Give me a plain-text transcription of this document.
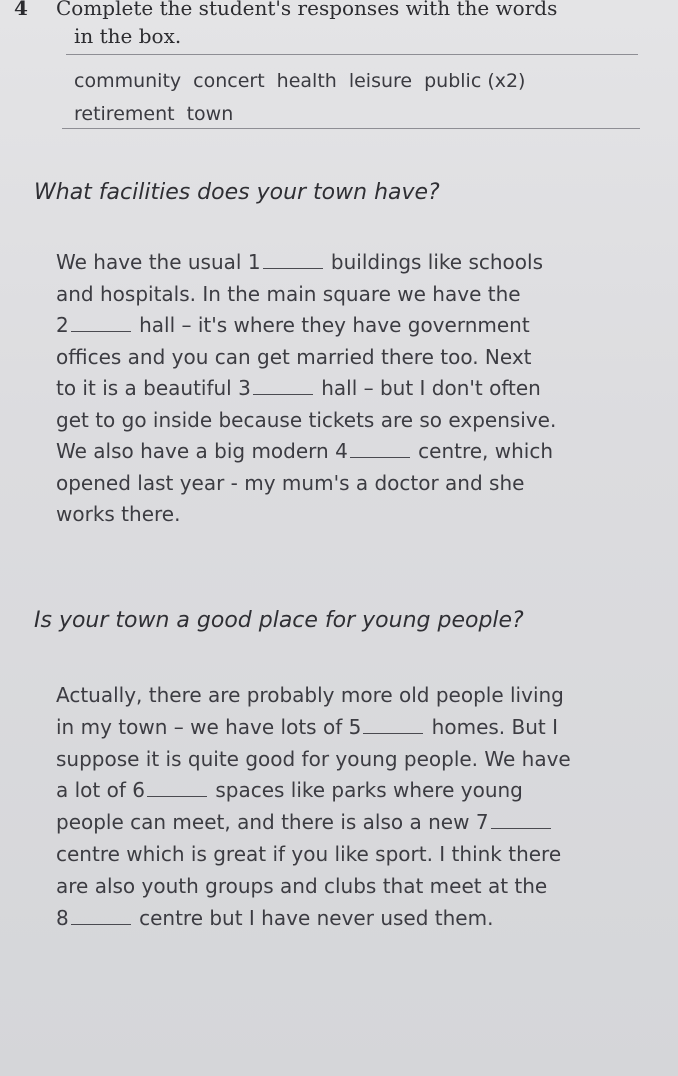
4 Complete the student's responses with the words
in the box.
community concert health leisure public (x2)
retirement town
What facilities does your town have?
We have the usual 1	buildings like schools
and hospitals. In the main square we have the
2	hall – it's where they have government
offices and you can get married there too. Next
to it is a beautiful 3	hall – but I don't often
get to go inside because tickets are so expensive.
We also have a big modern 4	centre, which
opened last year - my mum's a doctor and she
works there.
Is your town a good place for young people?
Actually, there are probably more old people living
in my town – we have lots of 5	homes. But I
suppose it is quite good for young people. We have
a lot of 6	spaces like parks where young
people can meet, and there is also a new 7
centre which is great if you like sport. I think there
are also youth groups and clubs that meet at the
8	centre but I have never used them.
